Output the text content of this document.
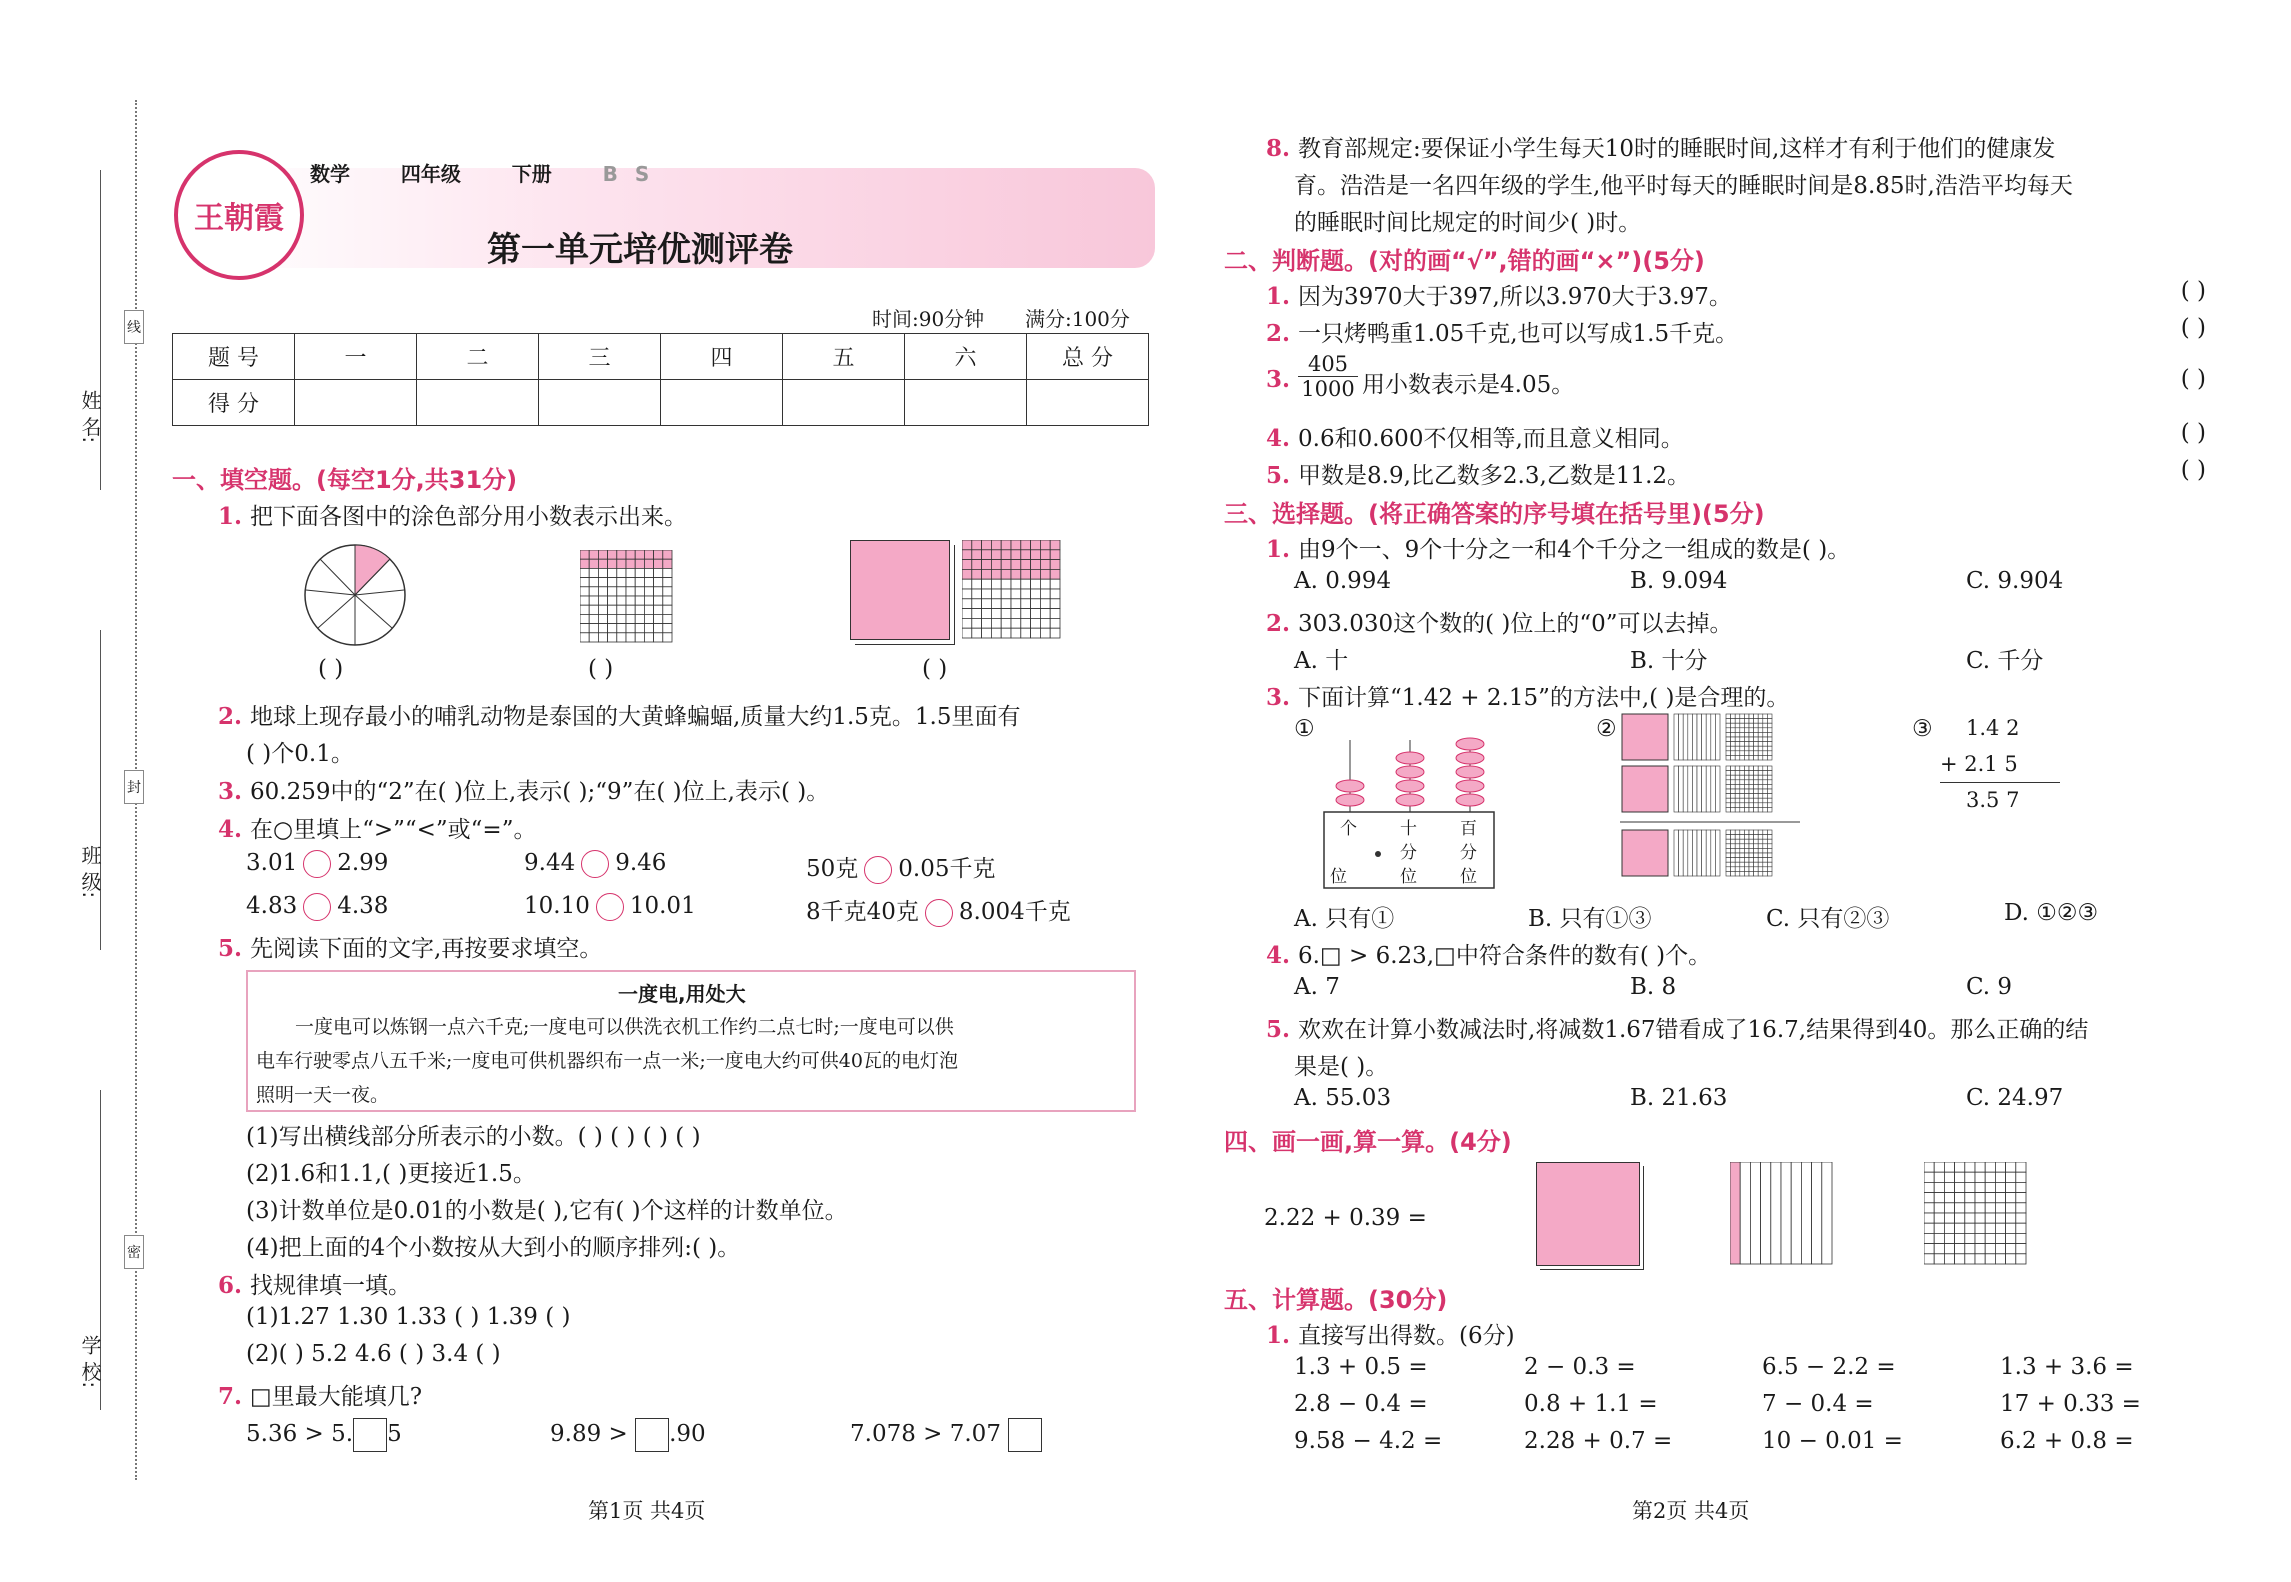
姓 名:
班 级:
学 校:
线
封
密
王朝霞
数学	四年级	下册	B S
第一单元培优测评卷
时间:90分钟 满分:100分
题 号	一	二	三	四	五	六	总 分
得 分							
一、填空题。(每空1分,共31分)
1. 把下面各图中的涂色部分用小数表示出来。
( )	( )	( )
2. 地球上现存最小的哺乳动物是泰国的大黄蜂蝙蝠,质量大约1.5克。1.5里面有
( )个0.1。
3. 60.259中的“2”在( )位上,表示( );“9”在( )位上,表示( )。
4. 在○里填上“>”“<”或“=”。
3.01 2.99	9.44 9.46	50克 0.05千克
4.83 4.38	10.10 10.01	8千克40克 8.004千克
5. 先阅读下面的文字,再按要求填空。
一度电,用处大
一度电可以炼钢一点六千克;一度电可以供洗衣机工作约二点七时;一度电可以供
电车行驶零点八五千米;一度电可供机器织布一点一米;一度电大约可供40瓦的电灯泡
照明一天一夜。
(1)写出横线部分所表示的小数。( ) ( ) ( ) ( )
(2)1.6和1.1,( )更接近1.5。
(3)计数单位是0.01的小数是( ),它有( )个这样的计数单位。
(4)把上面的4个小数按从大到小的顺序排列:( )。
6. 找规律填一填。
(1)1.27 1.30 1.33 ( ) 1.39 ( )
(2)( ) 5.2 4.6 ( ) 3.4 ( )
7. □里最大能填几?
5.36 > 5. 5	9.89 > .90	7.078 > 7.07
第1页 共4页
8. 教育部规定:要保证小学生每天10时的睡眠时间,这样才有利于他们的健康发
育。浩浩是一名四年级的学生,他平时每天的睡眠时间是8.85时,浩浩平均每天
的睡眠时间比规定的时间少( )时。
二、判断题。(对的画“√”,错的画“×”)(5分)
1. 因为3970大于397,所以3.970大于3.97。	( )
2. 一只烤鸭重1.05千克,也可以写成1.5千克。	( )
3.
405
1000 用小数表示是4.05。	( )
4. 0.6和0.600不仅相等,而且意义相同。	( )
5. 甲数是8.9,比乙数多2.3,乙数是11.2。	( )
三、选择题。(将正确答案的序号填在括号里)(5分)
1. 由9个一、9个十分之一和4个千分之一组成的数是( )。
A. 0.994	B. 9.094	C. 9.904
2. 303.030这个数的( )位上的“0”可以去掉。
A. 十	B. 十分	C. 千分
3. 下面计算“1.42 + 2.15”的方法中,( )是合理的。
①
个	十	百
位
分	分
位	位
②	③ 1.4 2
+ 2.1 5
3.5 7
A. 只有①	B. 只有①③	C. 只有②③	D. ①②③
4. 6.□ > 6.23,□中符合条件的数有( )个。
A. 7	B. 8	C. 9
5. 欢欢在计算小数减法时,将减数1.67错看成了16.7,结果得到40。那么正确的结
果是( )。
A. 55.03	B. 21.63	C. 24.97
四、画一画,算一算。(4分)
2.22 + 0.39 =
五、计算题。(30分)
1. 直接写出得数。(6分)
1.3 + 0.5 =	2 − 0.3 =	6.5 − 2.2 =	1.3 + 3.6 =
2.8 − 0.4 =	0.8 + 1.1 =	7 − 0.4 =	17 + 0.33 =
9.58 − 4.2 =	2.28 + 0.7 =	10 − 0.01 =	6.2 + 0.8 =
第2页 共4页
